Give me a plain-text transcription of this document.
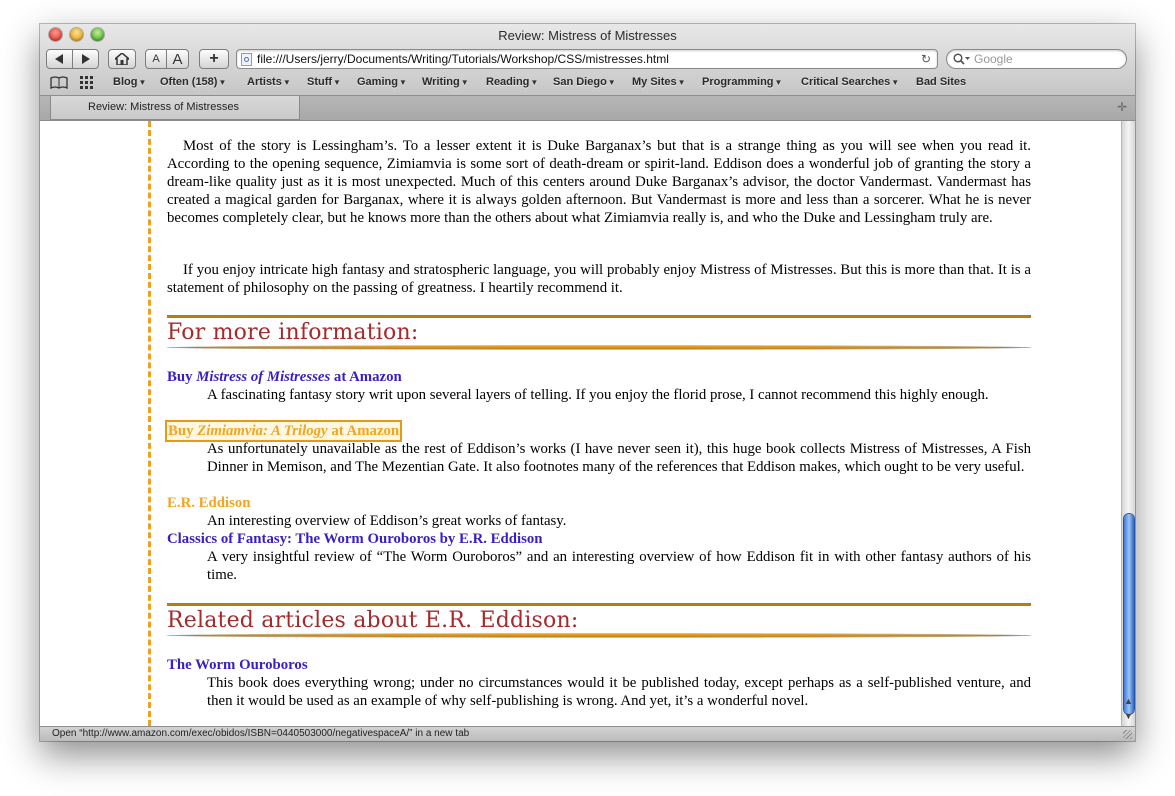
Review: Mistress of Mistresses
A A	+	file:///Users/jerry/Documents/Writing/Tutorials/Workshop/CSS/mistresses.html	↻	Google
Blog▼ Often (158)▼ Artists▼ Stuff▼ Gaming▼ Writing▼ Reading▼ San Diego▼ My Sites▼ Programming▼ Critical Searches▼ Bad Sites
Review: Mistress of Mistresses	✛

Most of the story is Lessingham’s. To a lesser extent it is Duke Barganax’s but that is a strange thing as you will see when you read it. According to the opening sequence, Zimiamvia is some sort of death-dream or spirit-land. Eddison does a wonderful job of granting the story a dream-like quality just as it is most unexpected. Much of this centers around Duke Barganax’s advisor, the doctor Vandermast. Vandermast has created a magical garden for Barganax, where it is always golden afternoon. But Vandermast is more and less than a sorcerer. What he is never becomes completely clear, but he knows more than the others about what Zimiamvia really is, and who the Duke and Lessingham truly are.

If you enjoy intricate high fantasy and stratospheric language, you will probably enjoy Mistress of Mistresses. But this is more than that. It is a statement of philosophy on the passing of greatness. I heartily recommend it.

For more information:
Buy Mistress of Mistresses at Amazon

A fascinating fantasy story writ upon several layers of telling. If you enjoy the florid prose, I cannot recommend this highly enough.

Buy Zimiamvia: A Trilogy at Amazon

As unfortunately unavailable as the rest of Eddison’s works (I have never seen it), this huge book collects Mistress of Mistresses, A Fish Dinner in Memison, and The Mezentian Gate. It also footnotes many of the references that Eddison makes, which ought to be very useful.

E.R. Eddison

An interesting overview of Eddison’s great works of fantasy.

Classics of Fantasy: The Worm Ouroboros by E.R. Eddison

A very insightful review of “The Worm Ouroboros” and an interesting overview of how Eddison fit in with other fantasy authors of his time.

Related articles about E.R. Eddison:
The Worm Ouroboros

This book does everything wrong; under no circumstances would it be published today, except perhaps as a self-published venture, and then it would be used as an example of why self-publishing is wrong. And yet, it’s a wonderful novel.	▲
▼
Open “http://www.amazon.com/exec/obidos/ISBN=0440503000/negativespaceA/” in a new tab
